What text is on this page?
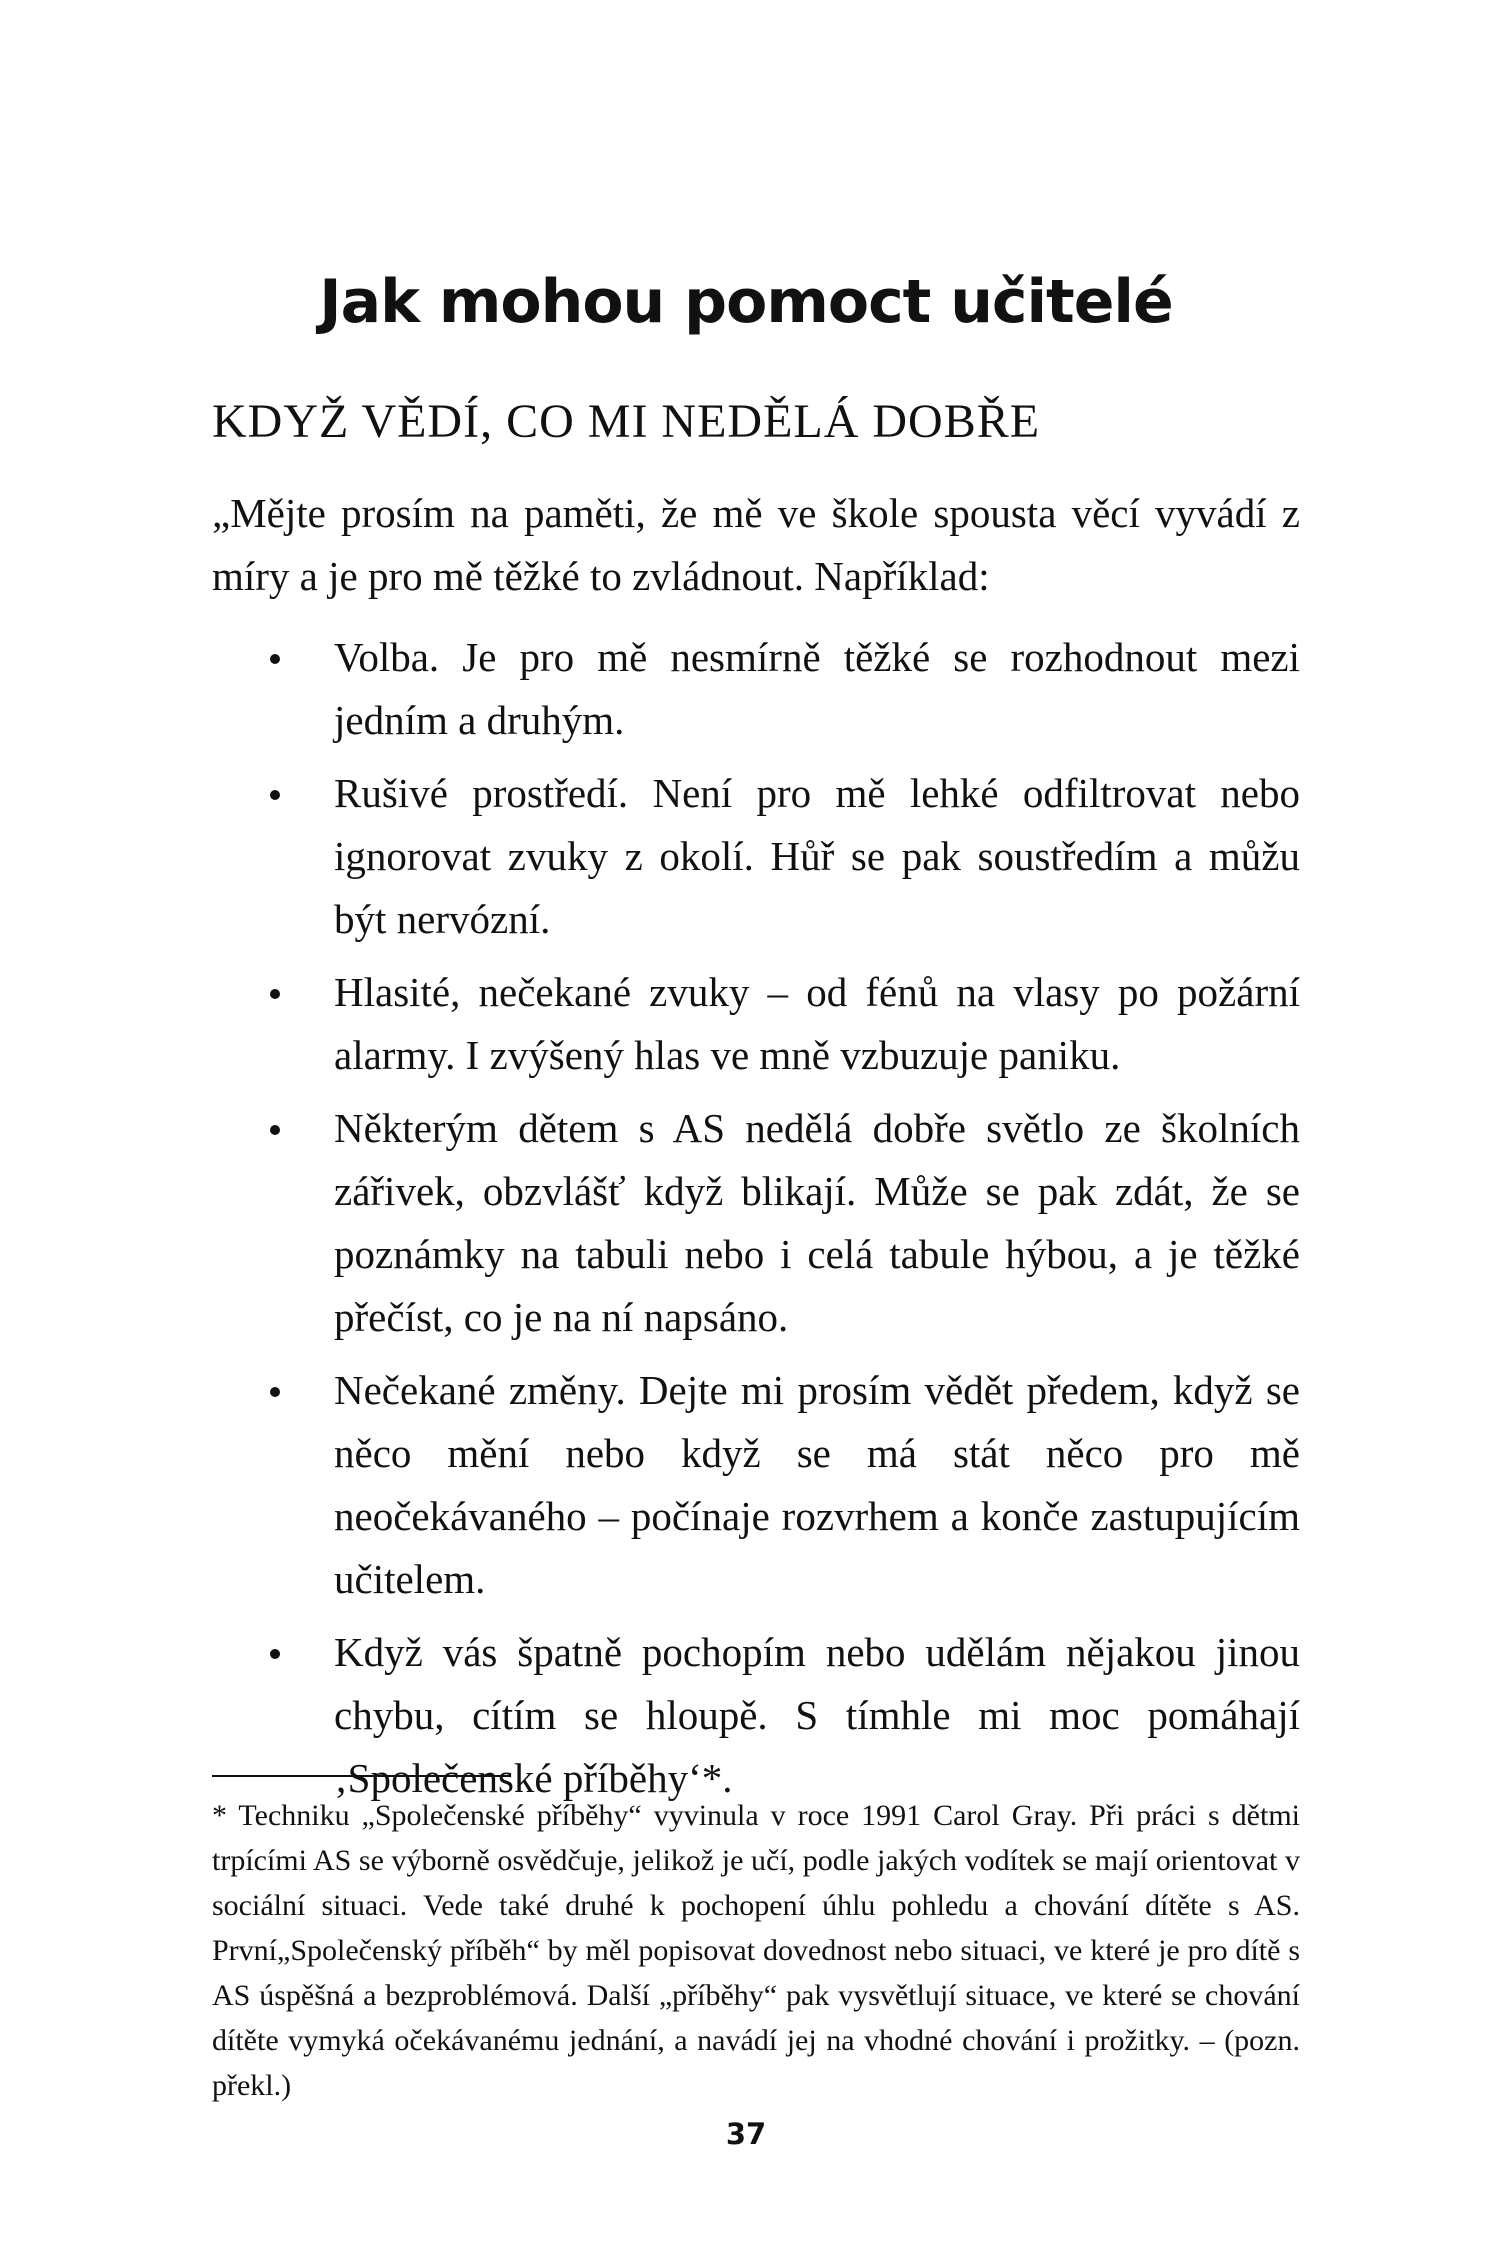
Jak mohou pomoct učitelé
KDYŽ VĚDÍ, CO MI NEDĚLÁ DOBŘE

„Mějte prosím na paměti, že mě ve škole spousta věcí vyvádí z míry a je pro mě těžké to zvládnout. Například:

Volba. Je pro mě nesmírně těžké se rozhodnout mezi jedním a druhým.
Rušivé prostředí. Není pro mě lehké odfiltrovat nebo ignorovat zvuky z okolí. Hůř se pak soustředím a můžu být nervózní.
Hlasité, nečekané zvuky – od fénů na vlasy po požární alarmy. I zvýšený hlas ve mně vzbuzuje paniku.
Některým dětem s AS nedělá dobře světlo ze školních zářivek, obzvlášť když blikají. Může se pak zdát, že se poznámky na tabuli nebo i celá tabule hýbou, a je těžké přečíst, co je na ní napsáno.
Nečekané změny. Dejte mi prosím vědět předem, když se něco mění nebo když se má stát něco pro mě neočekávaného – počínaje rozvrhem a konče zastupujícím učitelem.
Když vás špatně pochopím nebo udělám nějakou jinou chybu, cítím se hloupě. S tímhle mi moc pomáhají ‚Společenské příběhy‘*.

* Techniku „Společenské příběhy“ vyvinula v roce 1991 Carol Gray. Při práci s dětmi trpícími AS se výborně osvědčuje, jelikož je učí, podle jakých vodítek se mají orientovat v sociální situaci. Vede také druhé k pochopení úhlu pohledu a chování dítěte s AS. První„Společenský příběh“ by měl popisovat dovednost nebo situaci, ve které je pro dítě s AS úspěšná a bezproblémová. Další „příběhy“ pak vysvětlují situace, ve které se chování dítěte vymyká očekávanému jednání, a navádí jej na vhodné chování i prožitky. – (pozn. překl.)

37
